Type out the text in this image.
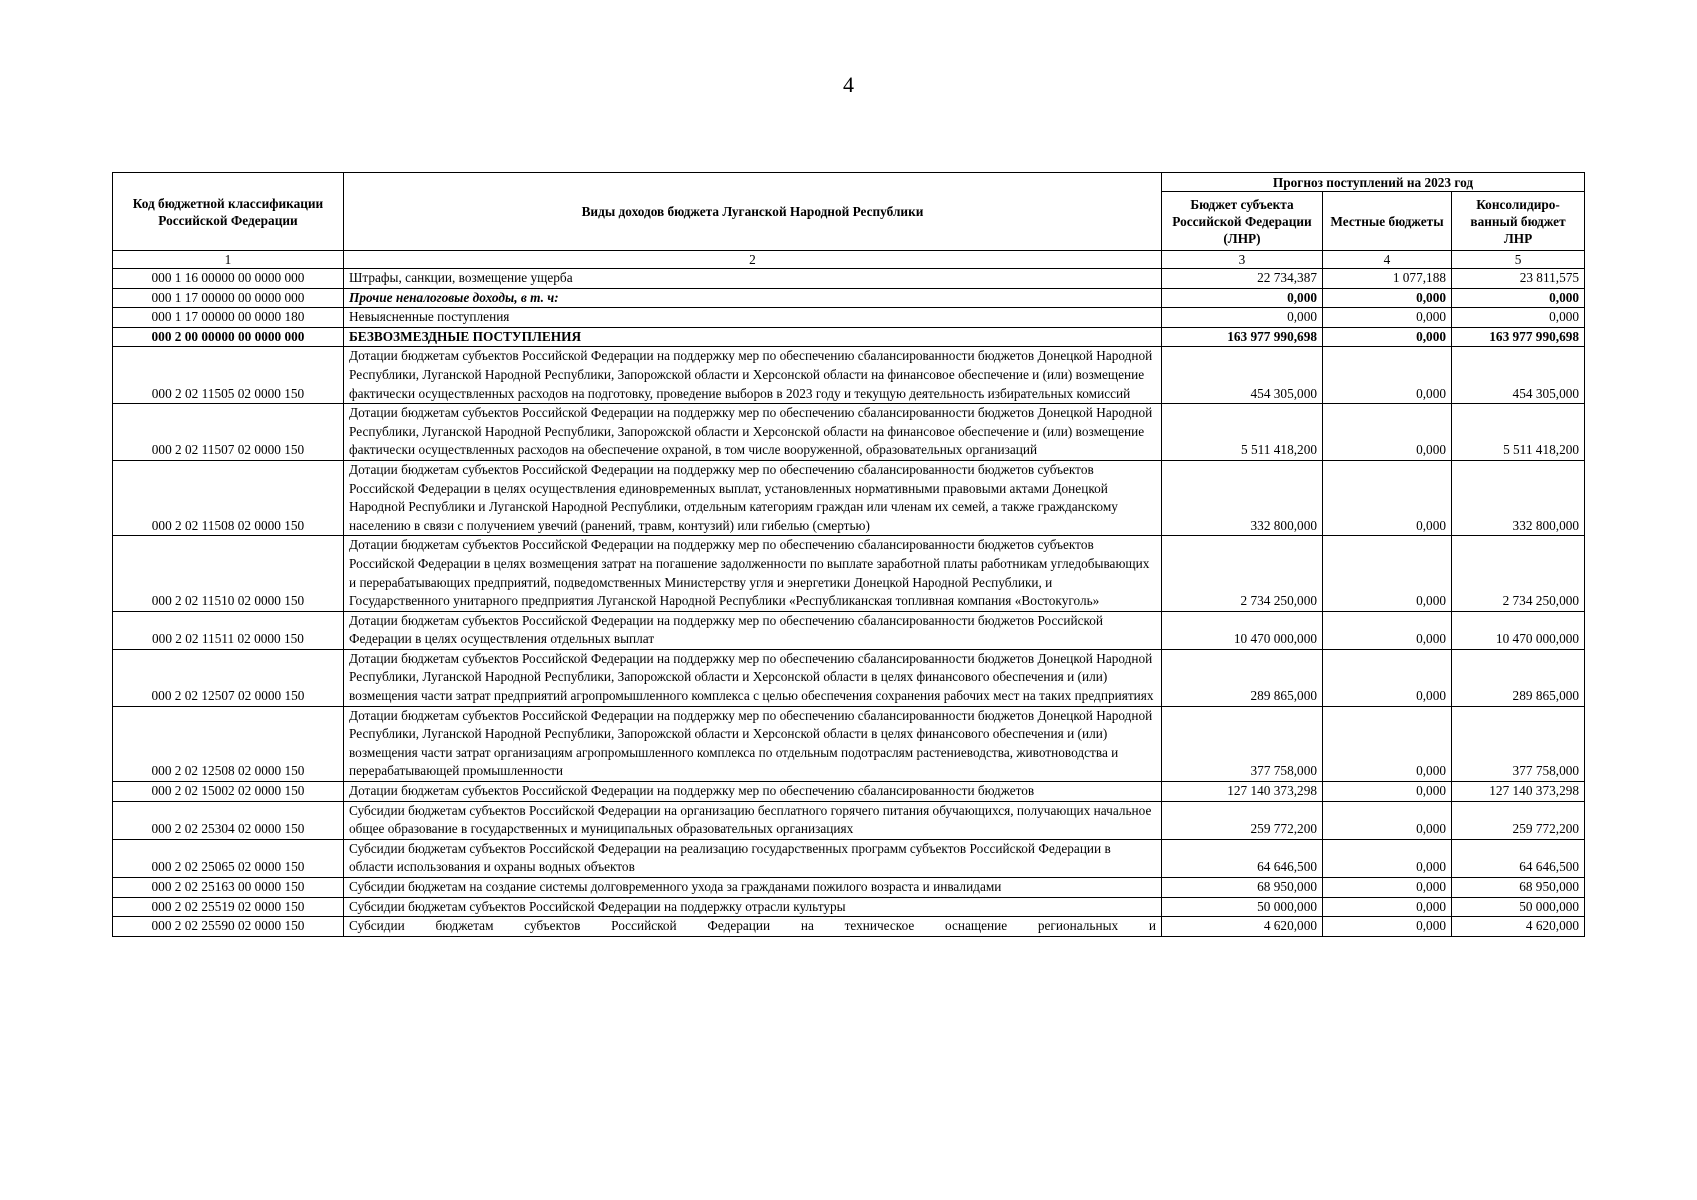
4
Код бюджетной классификации Российской Федерации	Виды доходов бюджета Луганской Народной Республики	Прогноз поступлений на 2023 год		
		Бюджет субъекта Российской Федерации (ЛНР)	Местные бюджеты	Консолидиро-ванный бюджет ЛНР
1	2	3	4	5
000 1 16 00000 00 0000 000	Штрафы, санкции, возмещение ущерба	22 734,387	1 077,188	23 811,575
000 1 17 00000 00 0000 000	Прочие неналоговые доходы, в т. ч:	0,000	0,000	0,000
000 1 17 00000 00 0000 180	Невыясненные поступления	0,000	0,000	0,000
000 2 00 00000 00 0000 000	БЕЗВОЗМЕЗДНЫЕ ПОСТУПЛЕНИЯ	163 977 990,698	0,000	163 977 990,698
000 2 02 11505 02 0000 150	Дотации бюджетам субъектов Российской Федерации на поддержку мер по обеспечению сбалансированности бюджетов Донецкой Народной Республики, Луганской Народной Республики, Запорожской области и Херсонской области на финансовое обеспечение и (или) возмещение фактически осуществленных расходов на подготовку, проведение выборов в 2023 году и текущую деятельность избирательных комиссий	454 305,000	0,000	454 305,000
000 2 02 11507 02 0000 150	Дотации бюджетам субъектов Российской Федерации на поддержку мер по обеспечению сбалансированности бюджетов Донецкой Народной Республики, Луганской Народной Республики, Запорожской области и Херсонской области на финансовое обеспечение и (или) возмещение фактически осуществленных расходов на обеспечение охраной, в том числе вооруженной, образовательных организаций	5 511 418,200	0,000	5 511 418,200
000 2 02 11508 02 0000 150	Дотации бюджетам субъектов Российской Федерации на поддержку мер по обеспечению сбалансированности бюджетов субъектов Российской Федерации в целях осуществления единовременных выплат, установленных нормативными правовыми актами Донецкой Народной Республики и Луганской Народной Республики, отдельным категориям граждан или членам их семей, а также гражданскому населению в связи с получением увечий (ранений, травм, контузий) или гибелью (смертью)	332 800,000	0,000	332 800,000
000 2 02 11510 02 0000 150	Дотации бюджетам субъектов Российской Федерации на поддержку мер по обеспечению сбалансированности бюджетов субъектов Российской Федерации в целях возмещения затрат на погашение задолженности по выплате заработной платы работникам угледобывающих и перерабатывающих предприятий, подведомственных Министерству угля и энергетики Донецкой Народной Республики, и Государственного унитарного предприятия Луганской Народной Республики «Республиканская топливная компания «Востокуголь»	2 734 250,000	0,000	2 734 250,000
000 2 02 11511 02 0000 150	Дотации бюджетам субъектов Российской Федерации на поддержку мер по обеспечению сбалансированности бюджетов Российской Федерации в целях осуществления отдельных выплат	10 470 000,000	0,000	10 470 000,000
000 2 02 12507 02 0000 150	Дотации бюджетам субъектов Российской Федерации на поддержку мер по обеспечению сбалансированности бюджетов Донецкой Народной Республики, Луганской Народной Республики, Запорожской области и Херсонской области в целях финансового обеспечения и (или) возмещения части затрат предприятий агропромышленного комплекса с целью обеспечения сохранения рабочих мест на таких предприятиях	289 865,000	0,000	289 865,000
000 2 02 12508 02 0000 150	Дотации бюджетам субъектов Российской Федерации на поддержку мер по обеспечению сбалансированности бюджетов Донецкой Народной Республики, Луганской Народной Республики, Запорожской области и Херсонской области в целях финансового обеспечения и (или) возмещения части затрат организациям агропромышленного комплекса по отдельным подотраслям растениеводства, животноводства и перерабатывающей промышленности	377 758,000	0,000	377 758,000
000 2 02 15002 02 0000 150	Дотации бюджетам субъектов Российской Федерации на поддержку мер по обеспечению сбалансированности бюджетов	127 140 373,298	0,000	127 140 373,298
000 2 02 25304 02 0000 150	Субсидии бюджетам субъектов Российской Федерации на организацию бесплатного горячего питания обучающихся, получающих начальное общее образование в государственных и муниципальных образовательных организациях	259 772,200	0,000	259 772,200
000 2 02 25065 02 0000 150	Субсидии бюджетам субъектов Российской Федерации на реализацию государственных программ субъектов Российской Федерации в области использования и охраны водных объектов	64 646,500	0,000	64 646,500
000 2 02 25163 00 0000 150	Субсидии бюджетам на создание системы долговременного ухода за гражданами пожилого возраста и инвалидами	68 950,000	0,000	68 950,000
000 2 02 25519 02 0000 150	Субсидии бюджетам субъектов Российской Федерации на поддержку отрасли культуры	50 000,000	0,000	50 000,000
000 2 02 25590 02 0000 150	Субсидии бюджетам субъектов Российской Федерации на техническое оснащение региональных и	4 620,000	0,000	4 620,000
